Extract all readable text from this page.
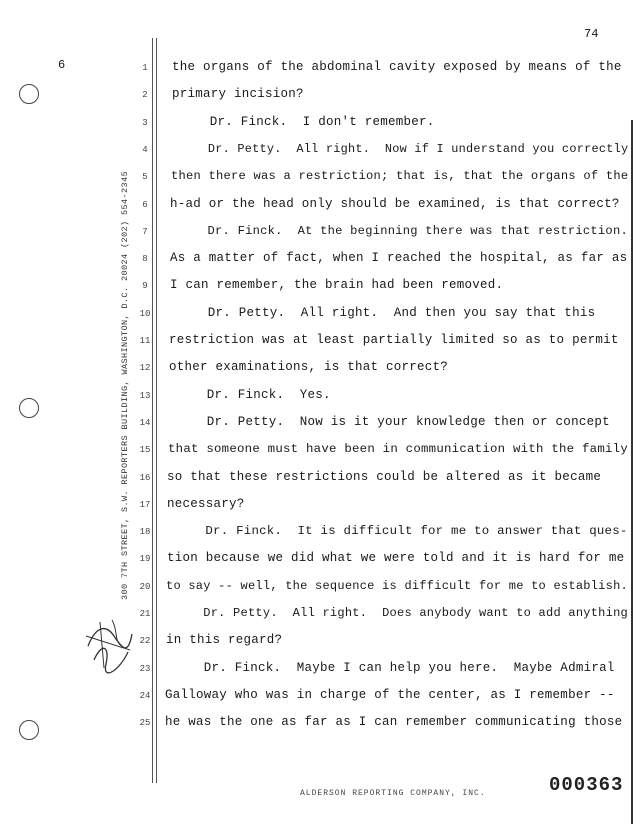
74
6
300 7TH STREET, S.W. REPORTERS BUILDING, WASHINGTON, D.C. 20024 (202) 554-2345
1
2
3
4
5
6
7
8
9
10
11
12
13
14
15
16
17
18
19
20
21
22
23
24
25
the organs of the abdominal cavity exposed by means of the
primary incision?
Dr. Finck.  I don't remember.
Dr. Petty.  All right.  Now if I understand you correctly
then there was a restriction; that is, that the organs of the
h-ad or the head only should be examined, is that correct?
Dr. Finck.  At the beginning there was that restriction.
As a matter of fact, when I reached the hospital, as far as
I can remember, the brain had been removed.
Dr. Petty.  All right.  And then you say that this
restriction was at least partially limited so as to permit
other examinations, is that correct?
Dr. Finck.  Yes.
Dr. Petty.  Now is it your knowledge then or concept
that someone must have been in communication with the family
so that these restrictions could be altered as it became
necessary?
Dr. Finck.  It is difficult for me to answer that ques-
tion because we did what we were told and it is hard for me
to say -- well, the sequence is difficult for me to establish.
Dr. Petty.  All right.  Does anybody want to add anything
in this regard?
Dr. Finck.  Maybe I can help you here.  Maybe Admiral
Galloway who was in charge of the center, as I remember --
he was the one as far as I can remember communicating those
ALDERSON REPORTING COMPANY, INC.	000363
